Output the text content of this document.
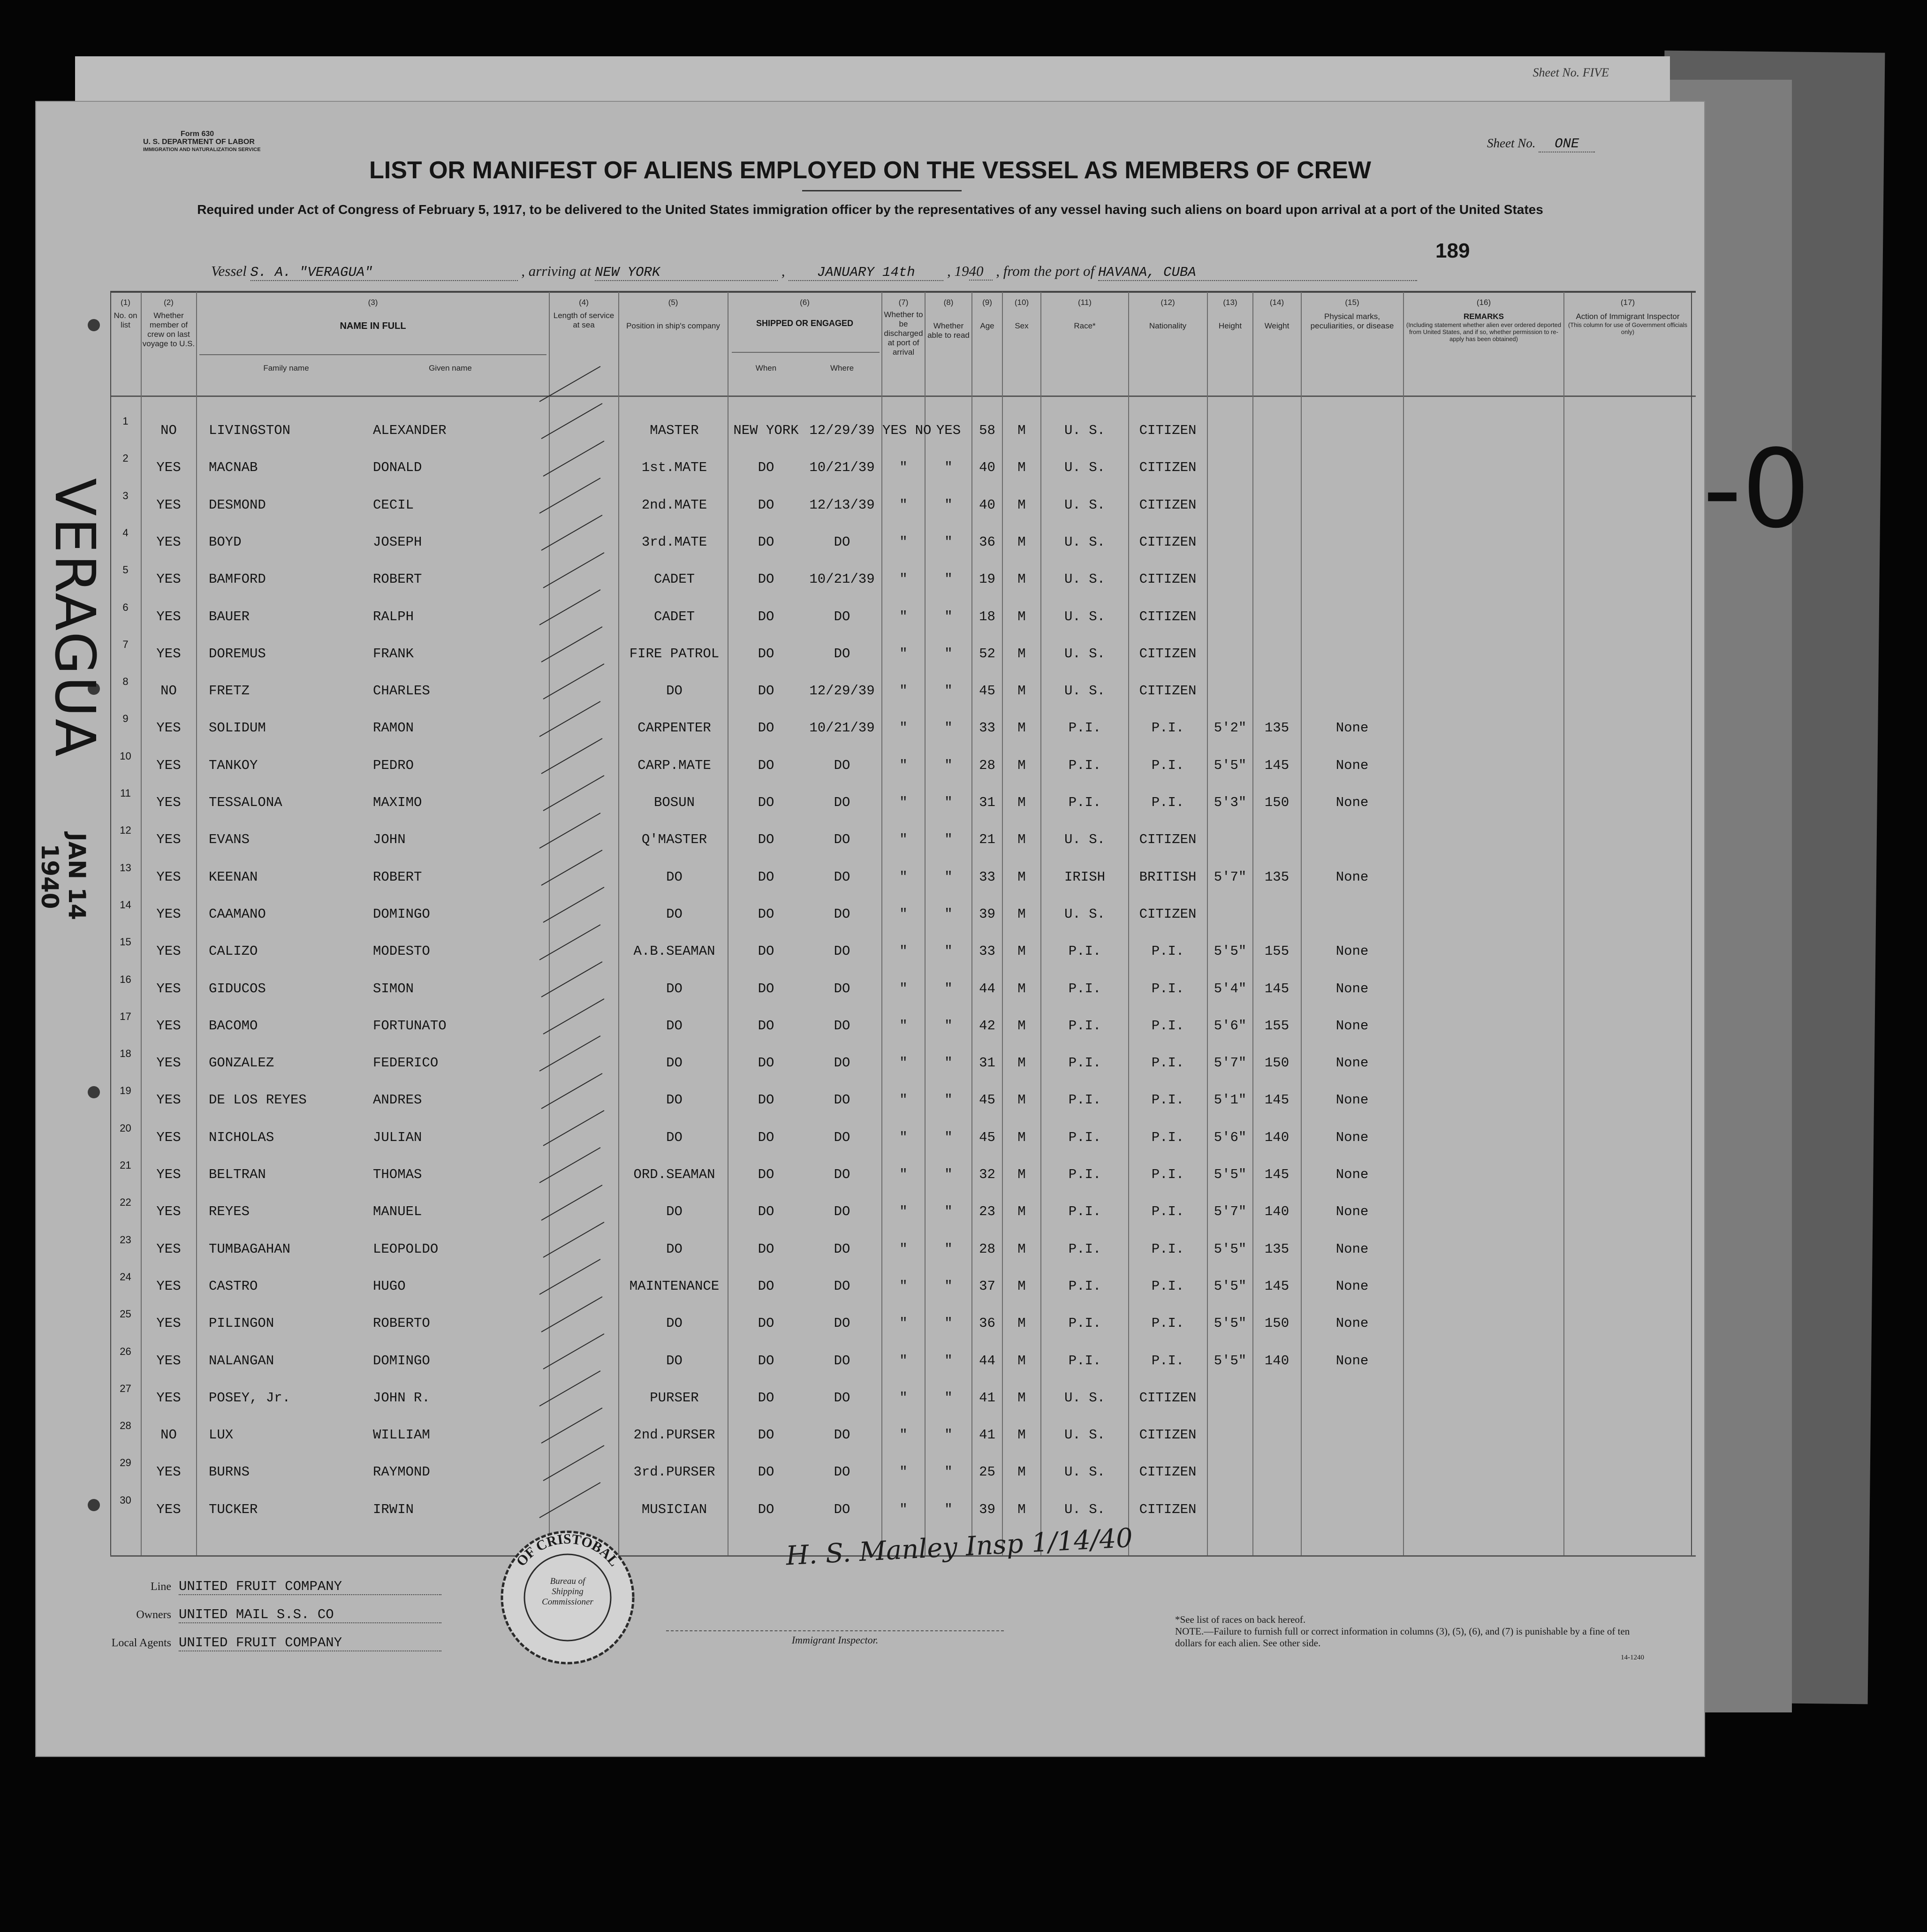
Sheet No. FIVE
Form 630
U. S. DEPARTMENT OF LABOR
IMMIGRATION AND NATURALIZATION SERVICE	Sheet No. ONE
LIST OR MANIFEST OF ALIENS EMPLOYED ON THE VESSEL AS MEMBERS OF CREW
Required under Act of Congress of February 5, 1917, to be delivered to the United States immigration officer by the representatives of any vessel having such aliens on board upon arrival at a port of the United States
Vessel S. A. "VERAGUA"	, arriving at NEW YORK	, JANUARY 14th , 1940 , from the port of HAVANA, CUBA
189
(1)
No. on list
(2)
Whether member of crew on last voyage to U.S.
(3)
NAME IN FULL
Family name	Given name
(4)
Length of service at sea
(5)
Position in ship's company
(6)
SHIPPED OR ENGAGED
When	Where
(7)
Whether to be discharged at port of arrival
(8)
Whether able to read
(9)
Age
(10)
Sex
(11)
Race*
(12)
Nationality
(13)
Height
(14)
Weight
(15)
Physical marks, peculiarities, or disease
(16)
REMARKS
(Including statement whether alien ever ordered deported from United States, and if so, whether permission to re-apply has been obtained)
(17)
Action of Immigrant Inspector
(This column for use of Government officials only)
1
NO	LIVINGSTON	ALEXANDER	MASTER	NEW YORK 12/29/39 YES NO YES	58	M	U. S.	CITIZEN
2
YES	MACNAB	DONALD	1st.MATE	DO	10/21/39	"	"	40	M	U. S.	CITIZEN
3
YES	DESMOND	CECIL	2nd.MATE	DO	12/13/39	"	"	40	M	U. S.	CITIZEN
4
YES	BOYD	JOSEPH	3rd.MATE	DO	DO	"	"	36	M	U. S.	CITIZEN
5
YES	BAMFORD	ROBERT	CADET	DO	10/21/39	"	"	19	M	U. S.	CITIZEN
6
YES	BAUER	RALPH	CADET	DO	DO	"	"	18	M	U. S.	CITIZEN
7
YES	DOREMUS	FRANK	FIRE PATROL	DO	DO	"	"	52	M	U. S.	CITIZEN
8
NO	FRETZ	CHARLES	DO	DO	12/29/39	"	"	45	M	U. S.	CITIZEN
9
YES	SOLIDUM	RAMON	CARPENTER	DO	10/21/39	"	"	33	M	P.I.	P.I.	5'2"	135	None
10
YES	TANKOY	PEDRO	CARP.MATE	DO	DO	"	"	28	M	P.I.	P.I.	5'5"	145	None
11
YES	TESSALONA	MAXIMO	BOSUN	DO	DO	"	"	31	M	P.I.	P.I.	5'3"	150	None
12
YES	EVANS	JOHN	Q'MASTER	DO	DO	"	"	21	M	U. S.	CITIZEN
13
YES	KEENAN	ROBERT	DO	DO	DO	"	"	33	M	IRISH	BRITISH	5'7"	135	None
14
YES	CAAMANO	DOMINGO	DO	DO	DO	"	"	39	M	U. S.	CITIZEN
15
YES	CALIZO	MODESTO	A.B.SEAMAN	DO	DO	"	"	33	M	P.I.	P.I.	5'5"	155	None
16
YES	GIDUCOS	SIMON	DO	DO	DO	"	"	44	M	P.I.	P.I.	5'4"	145	None
17
YES	BACOMO	FORTUNATO	DO	DO	DO	"	"	42	M	P.I.	P.I.	5'6"	155	None
18
YES	GONZALEZ	FEDERICO	DO	DO	DO	"	"	31	M	P.I.	P.I.	5'7"	150	None
19
YES	DE LOS REYES	ANDRES	DO	DO	DO	"	"	45	M	P.I.	P.I.	5'1"	145	None
20
YES	NICHOLAS	JULIAN	DO	DO	DO	"	"	45	M	P.I.	P.I.	5'6"	140	None
21
YES	BELTRAN	THOMAS	ORD.SEAMAN	DO	DO	"	"	32	M	P.I.	P.I.	5'5"	145	None
22
YES	REYES	MANUEL	DO	DO	DO	"	"	23	M	P.I.	P.I.	5'7"	140	None
23
YES	TUMBAGAHAN	LEOPOLDO	DO	DO	DO	"	"	28	M	P.I.	P.I.	5'5"	135	None
24
YES	CASTRO	HUGO	MAINTENANCE	DO	DO	"	"	37	M	P.I.	P.I.	5'5"	145	None
25
YES	PILINGON	ROBERTO	DO	DO	DO	"	"	36	M	P.I.	P.I.	5'5"	150	None
26
YES	NALANGAN	DOMINGO	DO	DO	DO	"	"	44	M	P.I.	P.I.	5'5"	140	None
27
YES	POSEY, Jr.	JOHN R.	PURSER	DO	DO	"	"	41	M	U. S.	CITIZEN
28
NO	LUX	WILLIAM	2nd.PURSER	DO	DO	"	"	41	M	U. S.	CITIZEN
29
YES	BURNS	RAYMOND	3rd.PURSER	DO	DO	"	"	25	M	U. S.	CITIZEN
30
YES	TUCKER	IRWIN	MUSICIAN	DO	DO	"	"	39	M	U. S.	CITIZEN
Line UNITED FRUIT COMPANY
Owners UNITED MAIL S.S. CO
Local Agents UNITED FRUIT COMPANY
OF CRISTOBAL
Bureau of Shipping Commissioner
H. S. Manley Insp 1/14/40
Immigrant Inspector.
*See list of races on back hereof.
NOTE.—Failure to furnish full or correct information in columns (3), (5), (6), and (7) is punishable by a fine of ten dollars for each alien. See other side.
14-1240
VERAGUA
JAN 14 1940
-0
